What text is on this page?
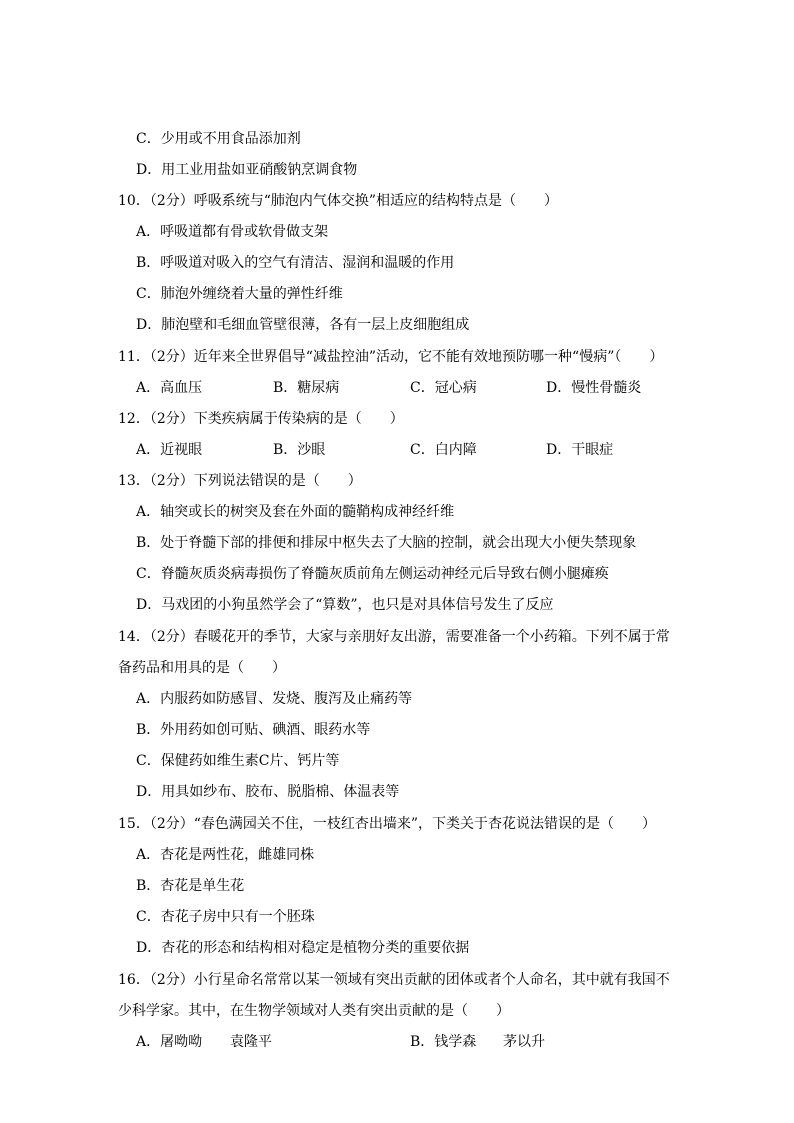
C．少用或不用食品添加剂
D．用工业用盐如亚硝酸钠烹调食物
10．（2分）呼吸系统与“肺泡内气体交换”相适应的结构特点是（　　）
A．呼吸道都有骨或软骨做支架
B．呼吸道对吸入的空气有清洁、湿润和温暖的作用
C．肺泡外缠绕着大量的弹性纤维
D．肺泡壁和毛细血管壁很薄，各有一层上皮细胞组成
11．（2分）近年来全世界倡导“减盐控油”活动，它不能有效地预防哪一种“慢病”（　　）
A．高血压	B．糖尿病	C．冠心病	D．慢性骨髓炎
12．（2分）下类疾病属于传染病的是（　　）
A．近视眼	B．沙眼	C．白内障	D．干眼症
13．（2分）下列说法错误的是（　　）
A．轴突或长的树突及套在外面的髓鞘构成神经纤维
B．处于脊髓下部的排便和排尿中枢失去了大脑的控制，就会出现大小便失禁现象
C．脊髓灰质炎病毒损伤了脊髓灰质前角左侧运动神经元后导致右侧小腿瘫痪
D．马戏团的小狗虽然学会了“算数”，也只是对具体信号发生了反应
14．（2分）春暖花开的季节，大家与亲朋好友出游，需要准备一个小药箱。下列不属于常
备药品和用具的是（　　）
A．内服药如防感冒、发烧、腹泻及止痛药等
B．外用药如创可贴、碘酒、眼药水等
C．保健药如维生素C片、钙片等
D．用具如纱布、胶布、脱脂棉、体温表等
15．（2分）“春色满园关不住，一枝红杏出墙来”，下类关于杏花说法错误的是（　　）
A．杏花是两性花，雌雄同株
B．杏花是单生花
C．杏花子房中只有一个胚珠
D．杏花的形态和结构相对稳定是植物分类的重要依据
16．（2分）小行星命名常常以某一领域有突出贡献的团体或者个人命名，其中就有我国不
少科学家。其中，在生物学领域对人类有突出贡献的是（　　）
A．屠呦呦 袁隆平	B．钱学森 茅以升
